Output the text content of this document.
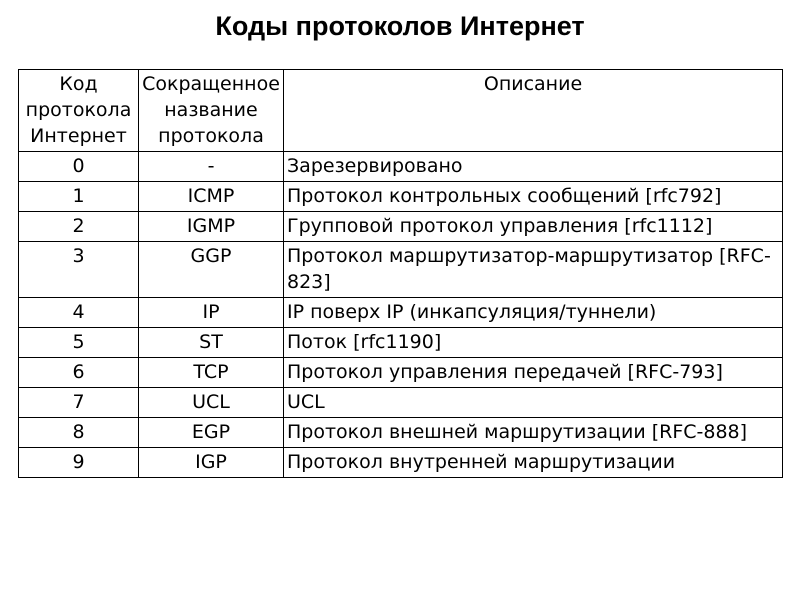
Коды протоколов Интернет
Код протокола Интернет	Сокращенное название протокола	Описание
0	-	Зарезервировано
1	ICMP	Протокол контрольных сообщений [rfc792]
2	IGMP	Групповой протокол управления [rfc1112]
3	GGP	Протокол маршрутизатор-маршрутизатор [RFC-823]
4	IP	IP поверх IP (инкапсуляция/туннели)
5	ST	Поток [rfc1190]
6	TCP	Протокол управления передачей [RFC-793]
7	UCL	UCL
8	EGP	Протокол внешней маршрутизации [RFC-888]
9	IGP	Протокол внутренней маршрутизации
